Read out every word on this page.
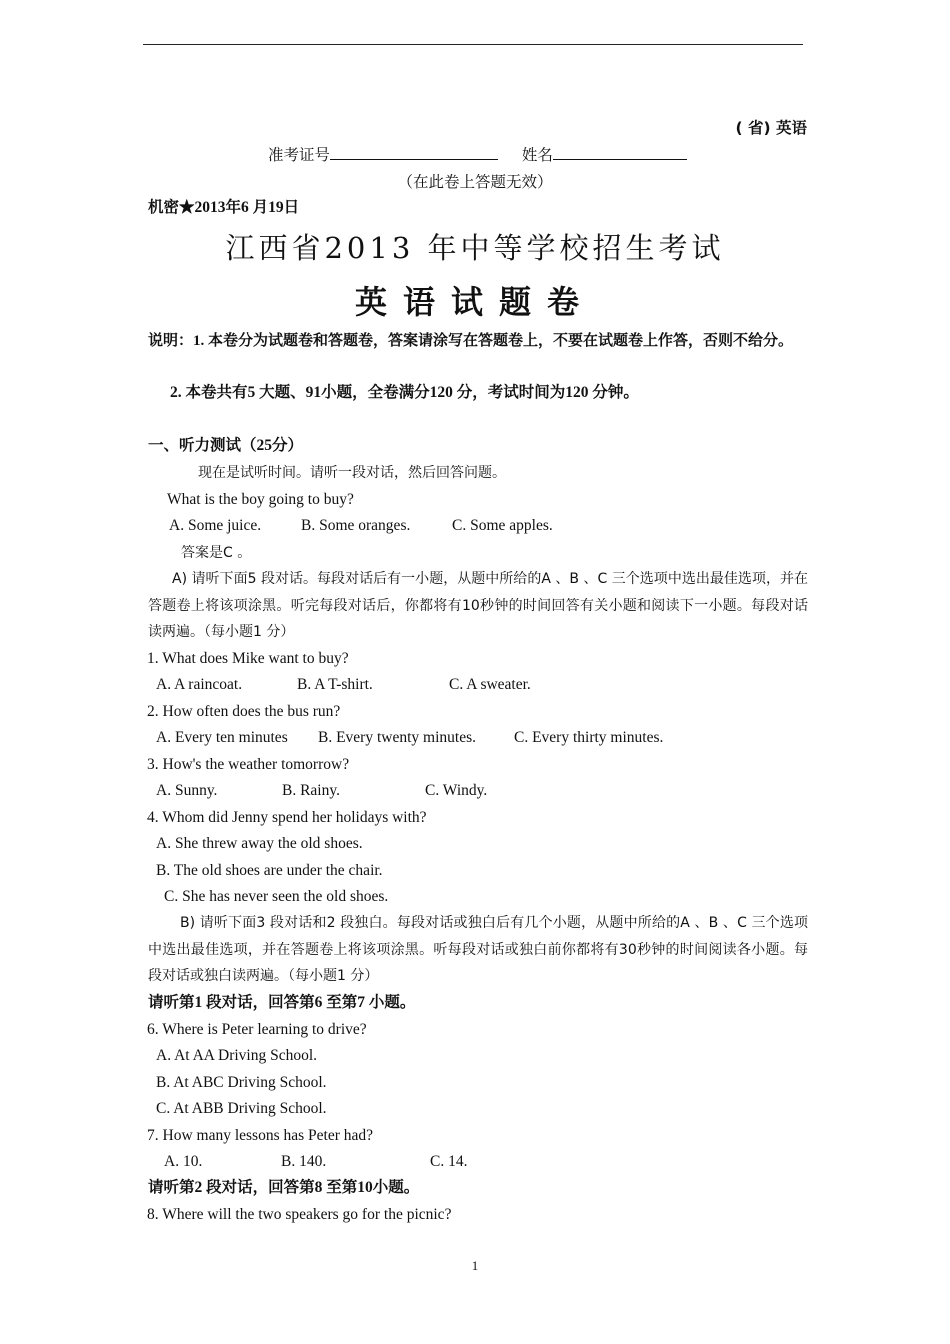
( 省) 英语
准考证号	姓名
（在此卷上答题无效）
机密★2013年6 月19日
江西省2013 年中等学校招生考试
英语试题卷
说明：1. 本卷分为试题卷和答题卷，答案请涂写在答题卷上，不要在试题卷上作答，否则不给分。
2. 本卷共有5 大题、91小题，全卷满分120 分，考试时间为120 分钟。
一、听力测试（25分）
现在是试听时间。请听一段对话，然后回答问题。
What is the boy going to buy?
A. Some juice.	B. Some oranges.	C. Some apples.
答案是C 。
A) 请听下面5 段对话。每段对话后有一小题，从题中所给的A 、B 、C 三个选项中选出最佳选项，并在答题卷上将该项涂黑。听完每段对话后，你都将有10秒钟的时间回答有关小题和阅读下一小题。每段对话读两遍。（每小题1 分）
1. What does Mike want to buy?
A. A raincoat.	B. A T-shirt.	C. A sweater.
2. How often does the bus run?
A. Every ten minutes B. Every twenty minutes. C. Every thirty minutes.
3. How's the weather tomorrow?
A. Sunny.	B. Rainy.	C. Windy.
4. Whom did Jenny spend her holidays with?
A. She threw away the old shoes.
B. The old shoes are under the chair.
C. She has never seen the old shoes.
B) 请听下面3 段对话和2 段独白。每段对话或独白后有几个小题，从题中所给的A 、B 、C 三个选项中选出最佳选项，并在答题卷上将该项涂黑。听每段对话或独白前你都将有30秒钟的时间阅读各小题。每段对话或独白读两遍。（每小题1 分）
请听第1 段对话，回答第6 至第7 小题。
6. Where is Peter learning to drive?
A. At AA Driving School.
B. At ABC Driving School.
C. At ABB Driving School.
7. How many lessons has Peter had?
A. 10.	B. 140.	C. 14.
请听第2 段对话，回答第8 至第10小题。
8. Where will the two speakers go for the picnic?
1
